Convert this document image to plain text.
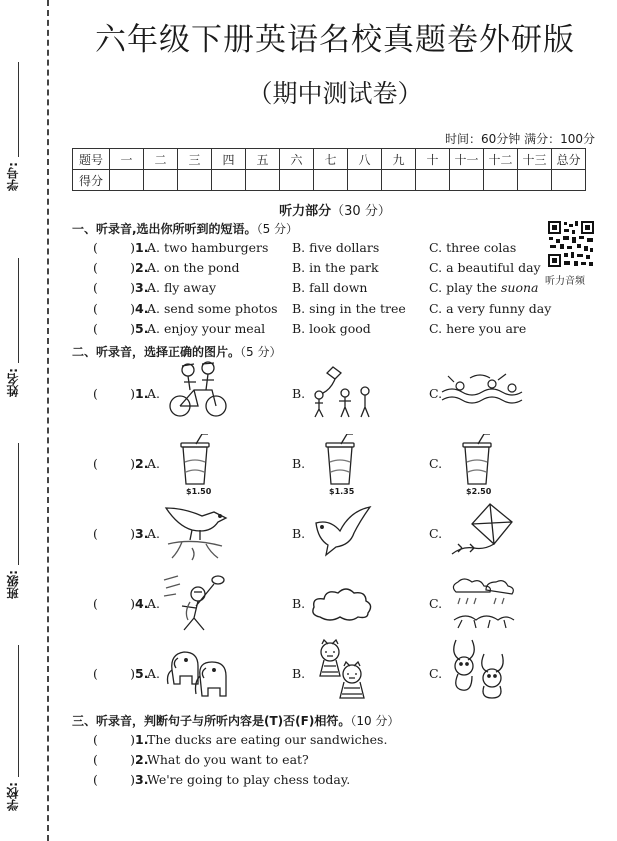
学号:
姓名:
班级:
学校:
六年级下册英语名校真题卷外研版
（期中测试卷）
时间：60分钟 满分：100分
题号	一	二	三	四	五	六	七	八	九	十	十一	十二	十三	总分
得分														
听力部分（30 分）
听力音频
一、听录音,选出你所听到的短语。（5 分）
1.
A. two hamburgers B. five dollars	C. three colas
2.
A. on the pond	B. in the park	C. a beautiful day
3.
A. fly away	B. fall down	C. play the suona
4.
A. send some photos B. sing in the tree C. a very funny day
5.
A. enjoy your meal B. look good	C. here you are
二、听录音，选择正确的图片。（5 分）
1.
A.	B.	C.
2.
A.	B.	C.
$1.50	$1.35	$2.50
3.
A.	B.	C.
4.
A.	B.	C.
5.
A.	B.	C.
三、听录音，判断句子与所听内容是(T)否(F)相符。（10 分）
1.
The ducks are eating our sandwiches.
2.
What do you want to eat?
3.
We're going to play chess today.
